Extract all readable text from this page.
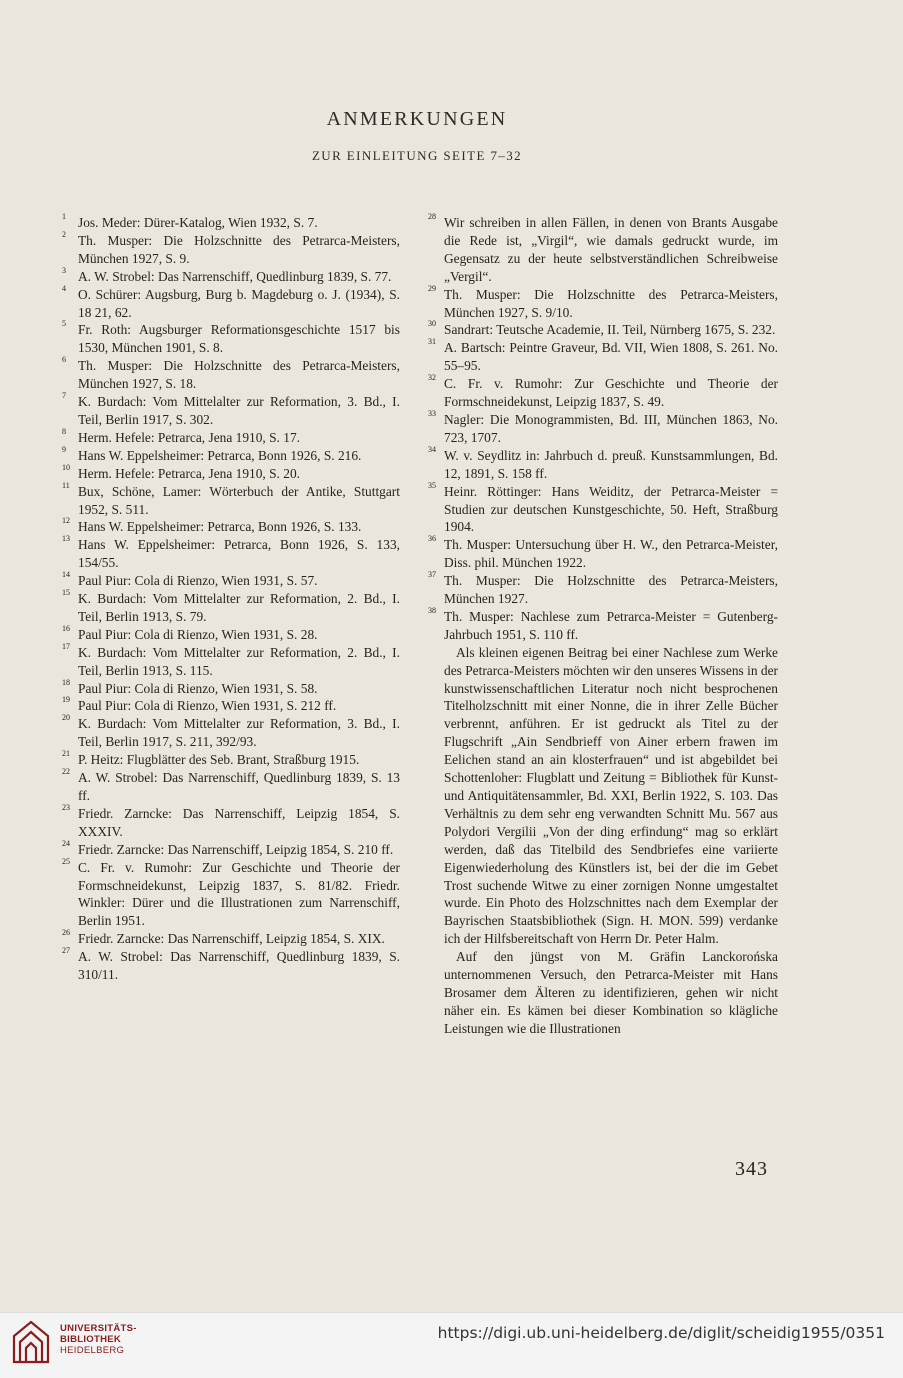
ANMERKUNGEN
ZUR EINLEITUNG SEITE 7–32
1 Jos. Meder: Dürer-Katalog, Wien 1932, S. 7.
2 Th. Musper: Die Holzschnitte des Petrarca-Meisters, München 1927, S. 9.
3 A. W. Strobel: Das Narrenschiff, Quedlinburg 1839, S. 77.
4 O. Schürer: Augsburg, Burg b. Magdeburg o. J. (1934), S. 18 21, 62.
5 Fr. Roth: Augsburger Reformationsgeschichte 1517 bis 1530, München 1901, S. 8.
6 Th. Musper: Die Holzschnitte des Petrarca-Meisters, München 1927, S. 18.
7 K. Burdach: Vom Mittelalter zur Reformation, 3. Bd., I. Teil, Berlin 1917, S. 302.
8 Herm. Hefele: Petrarca, Jena 1910, S. 17.
9 Hans W. Eppelsheimer: Petrarca, Bonn 1926, S. 216.
10 Herm. Hefele: Petrarca, Jena 1910, S. 20.
11 Bux, Schöne, Lamer: Wörterbuch der Antike, Stuttgart 1952, S. 511.
12 Hans W. Eppelsheimer: Petrarca, Bonn 1926, S. 133.
13 Hans W. Eppelsheimer: Petrarca, Bonn 1926, S. 133, 154/55.
14 Paul Piur: Cola di Rienzo, Wien 1931, S. 57.
15 K. Burdach: Vom Mittelalter zur Reformation, 2. Bd., I. Teil, Berlin 1913, S. 79.
16 Paul Piur: Cola di Rienzo, Wien 1931, S. 28.
17 K. Burdach: Vom Mittelalter zur Reformation, 2. Bd., I. Teil, Berlin 1913, S. 115.
18 Paul Piur: Cola di Rienzo, Wien 1931, S. 58.
19 Paul Piur: Cola di Rienzo, Wien 1931, S. 212 ff.
20 K. Burdach: Vom Mittelalter zur Reformation, 3. Bd., I. Teil, Berlin 1917, S. 211, 392/93.
21 P. Heitz: Flugblätter des Seb. Brant, Straßburg 1915.
22 A. W. Strobel: Das Narrenschiff, Quedlinburg 1839, S. 13 ff.
23 Friedr. Zarncke: Das Narrenschiff, Leipzig 1854, S. XXXIV.
24 Friedr. Zarncke: Das Narrenschiff, Leipzig 1854, S. 210 ff.
25 C. Fr. v. Rumohr: Zur Geschichte und Theorie der Formschneidekunst, Leipzig 1837, S. 81/82. Friedr. Winkler: Dürer und die Illustrationen zum Narrenschiff, Berlin 1951.
26 Friedr. Zarncke: Das Narrenschiff, Leipzig 1854, S. XIX.
27 A. W. Strobel: Das Narrenschiff, Quedlinburg 1839, S. 310/11.
28 Wir schreiben in allen Fällen, in denen von Brants Ausgabe die Rede ist, „Virgil“, wie damals gedruckt wurde, im Gegensatz zu der heute selbstverständlichen Schreibweise „Vergil“.
29 Th. Musper: Die Holzschnitte des Petrarca-Meisters, München 1927, S. 9/10.
30 Sandrart: Teutsche Academie, II. Teil, Nürnberg 1675, S. 232.
31 A. Bartsch: Peintre Graveur, Bd. VII, Wien 1808, S. 261. No. 55–95.
32 C. Fr. v. Rumohr: Zur Geschichte und Theorie der Formschneidekunst, Leipzig 1837, S. 49.
33 Nagler: Die Monogrammisten, Bd. III, München 1863, No. 723, 1707.
34 W. v. Seydlitz in: Jahrbuch d. preuß. Kunstsammlungen, Bd. 12, 1891, S. 158 ff.
35 Heinr. Röttinger: Hans Weiditz, der Petrarca-Meister = Studien zur deutschen Kunstgeschichte, 50. Heft, Straßburg 1904.
36 Th. Musper: Untersuchung über H. W., den Petrarca-Meister, Diss. phil. München 1922.
37 Th. Musper: Die Holzschnitte des Petrarca-Meisters, München 1927.
38 Th. Musper: Nachlese zum Petrarca-Meister = Gutenberg-Jahrbuch 1951, S. 110 ff.
Als kleinen eigenen Beitrag bei einer Nachlese zum Werke des Petrarca-Meisters möchten wir den unseres Wissens in der kunstwissenschaftlichen Literatur noch nicht besprochenen Titelholzschnitt mit einer Nonne, die in ihrer Zelle Bücher verbrennt, anführen. Er ist gedruckt als Titel zu der Flugschrift „Ain Sendbrieff von Ainer erbern frawen im Eelichen stand an ain klosterfrauen“ und ist abgebildet bei Schottenloher: Flugblatt und Zeitung = Bibliothek für Kunst- und Antiquitätensammler, Bd. XXI, Berlin 1922, S. 103. Das Verhältnis zu dem sehr eng verwandten Schnitt Mu. 567 aus Polydori Vergilii „Von der ding erfindung“ mag so erklärt werden, daß das Titelbild des Sendbriefes eine variierte Eigenwiederholung des Künstlers ist, bei der die im Gebet Trost suchende Witwe zu einer zornigen Nonne umgestaltet wurde. Ein Photo des Holzschnittes nach dem Exemplar der Bayrischen Staatsbibliothek (Sign. H. MON. 599) verdanke ich der Hilfsbereitschaft von Herrn Dr. Peter Halm.
Auf den jüngst von M. Gräfin Lanckorońska unternommenen Versuch, den Petrarca-Meister mit Hans Brosamer dem Älteren zu identifizieren, gehen wir nicht näher ein. Es kämen bei dieser Kombination so klägliche Leistungen wie die Illustrationen
343
UNIVERSITÄTS-
BIBLIOTHEK
HEIDELBERG
https://digi.ub.uni-heidelberg.de/diglit/scheidig1955/0351
